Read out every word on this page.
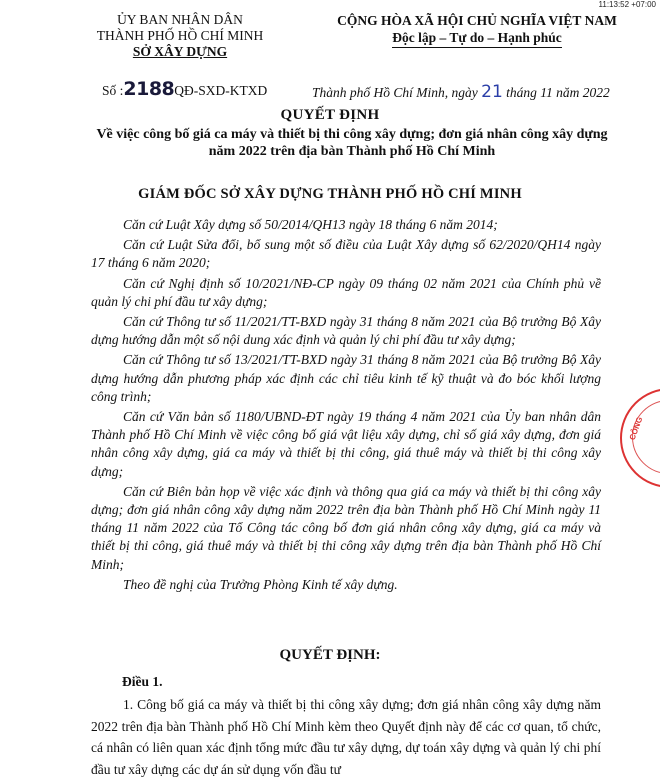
11:13:52 +07:00
ỦY BAN NHÂN DÂN
THÀNH PHỐ HỒ CHÍ MINH
SỞ XÂY DỰNG
CỘNG HÒA XÃ HỘI CHỦ NGHĨA VIỆT NAM
Độc lập – Tự do – Hạnh phúc
Số :2188QĐ-SXD-KTXD	Thành phố Hồ Chí Minh, ngày 21 tháng 11 năm 2022
QUYẾT ĐỊNH
Về việc công bố giá ca máy và thiết bị thi công xây dựng; đơn giá nhân công xây dựng năm 2022 trên địa bàn Thành phố Hồ Chí Minh
GIÁM ĐỐC SỞ XÂY DỰNG THÀNH PHỐ HỒ CHÍ MINH

Căn cứ Luật Xây dựng số 50/2014/QH13 ngày 18 tháng 6 năm 2014;

Căn cứ Luật Sửa đổi, bổ sung một số điều của Luật Xây dựng số 62/2020/QH14 ngày 17 tháng 6 năm 2020;

Căn cứ Nghị định số 10/2021/NĐ-CP ngày 09 tháng 02 năm 2021 của Chính phủ về quản lý chi phí đầu tư xây dựng;

Căn cứ Thông tư số 11/2021/TT-BXD ngày 31 tháng 8 năm 2021 của Bộ trưởng Bộ Xây dựng hướng dẫn một số nội dung xác định và quản lý chi phí đầu tư xây dựng;

Căn cứ Thông tư số 13/2021/TT-BXD ngày 31 tháng 8 năm 2021 của Bộ trưởng Bộ Xây dựng hướng dẫn phương pháp xác định các chỉ tiêu kinh tế kỹ thuật và đo bóc khối lượng công trình;

Căn cứ Văn bản số 1180/UBND-ĐT ngày 19 tháng 4 năm 2021 của Ủy ban nhân dân Thành phố Hồ Chí Minh về việc công bố giá vật liệu xây dựng, chỉ số giá xây dựng, đơn giá nhân công xây dựng, giá ca máy và thiết bị thi công, giá thuê máy và thiết bị thi công xây dựng;

Căn cứ Biên bản họp về việc xác định và thông qua giá ca máy và thiết bị thi công xây dựng; đơn giá nhân công xây dựng năm 2022 trên địa bàn Thành phố Hồ Chí Minh ngày 11 tháng 11 năm 2022 của Tổ Công tác công bố đơn giá nhân công xây dựng, giá ca máy và thiết bị thi công, giá thuê máy và thiết bị thi công xây dựng trên địa bàn Thành phố Hồ Chí Minh;

Theo đề nghị của Trưởng Phòng Kinh tế xây dựng.

QUYẾT ĐỊNH:
Điều 1.

1. Công bố giá ca máy và thiết bị thi công xây dựng; đơn giá nhân công xây dựng năm 2022 trên địa bàn Thành phố Hồ Chí Minh kèm theo Quyết định này để các cơ quan, tổ chức, cá nhân có liên quan xác định tổng mức đầu tư xây dựng, dự toán xây dựng và quản lý chi phí đầu tư xây dựng các dự án sử dụng vốn đầu tư

CÔNG
